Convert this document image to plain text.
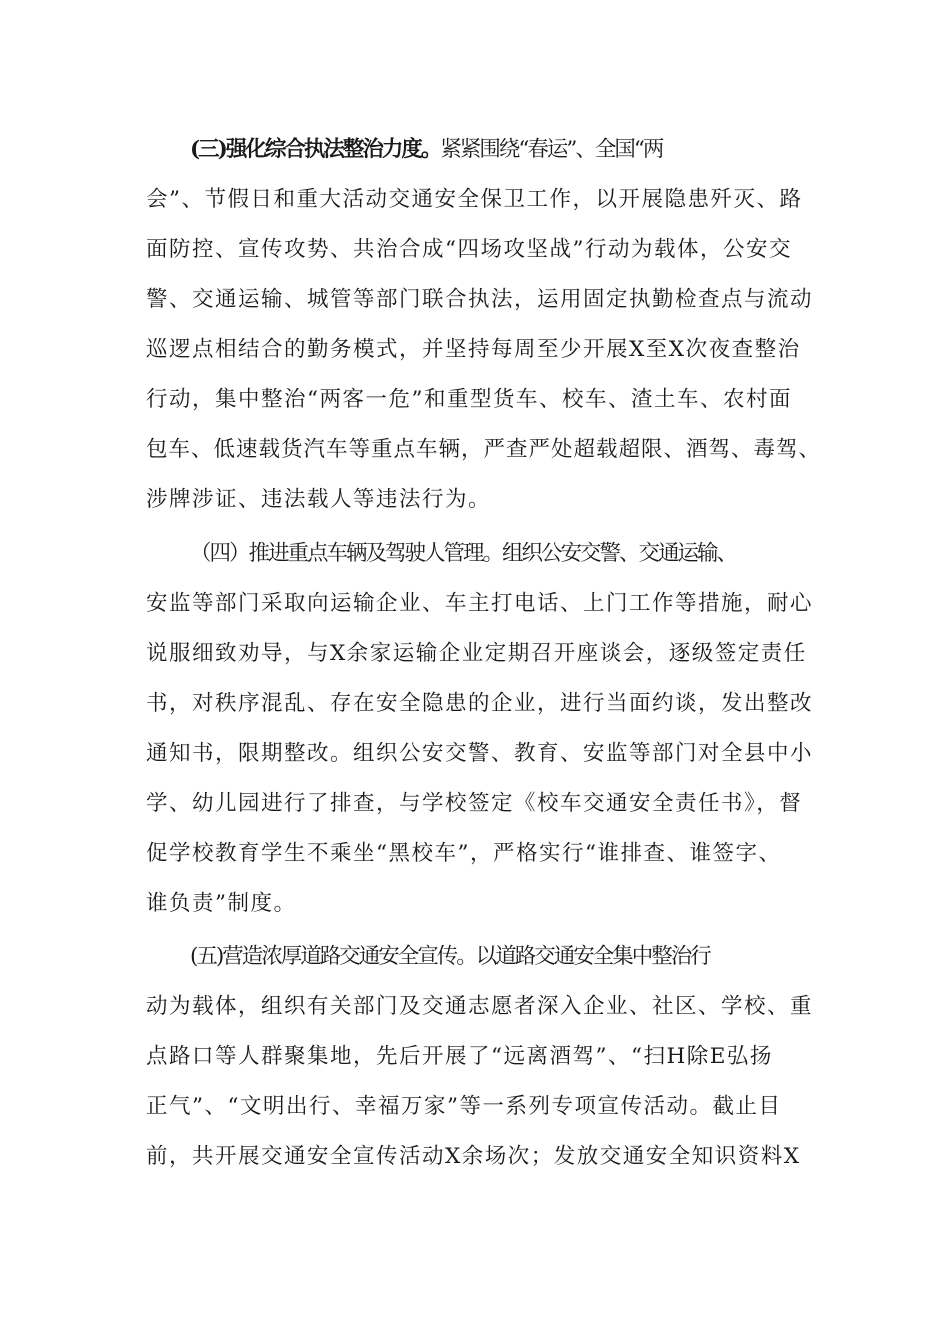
(三)强化综合执法整治力度。紧紧围绕“春运”、全国“两
会”、节假日和重大活动交通安全保卫工作，以开展隐患歼灭、路
面防控、宣传攻势、共治合成“四场攻坚战”行动为载体，公安交
警、交通运输、城管等部门联合执法，运用固定执勤检查点与流动
巡逻点相结合的勤务模式，并坚持每周至少开展X至X次夜查整治
行动，集中整治“两客一危”和重型货车、校车、渣土车、农村面
包车、低速载货汽车等重点车辆，严查严处超载超限、酒驾、毒驾、
涉牌涉证、违法载人等违法行为。
（四）推进重点车辆及驾驶人管理。组织公安交警、交通运输、
安监等部门采取向运输企业、车主打电话、上门工作等措施，耐心
说服细致劝导，与X余家运输企业定期召开座谈会，逐级签定责任
书，对秩序混乱、存在安全隐患的企业，进行当面约谈，发出整改
通知书，限期整改。组织公安交警、教育、安监等部门对全县中小
学、幼儿园进行了排查，与学校签定《校车交通安全责任书》，督
促学校教育学生不乘坐“黑校车”，严格实行“谁排查、谁签字、
谁负责”制度。
(五)营造浓厚道路交通安全宣传。以道路交通安全集中整治行
动为载体，组织有关部门及交通志愿者深入企业、社区、学校、重
点路口等人群聚集地，先后开展了“远离酒驾”、“扫H除E弘扬
正气”、“文明出行、幸福万家”等一系列专项宣传活动。截止目
前，共开展交通安全宣传活动X余场次；发放交通安全知识资料X
